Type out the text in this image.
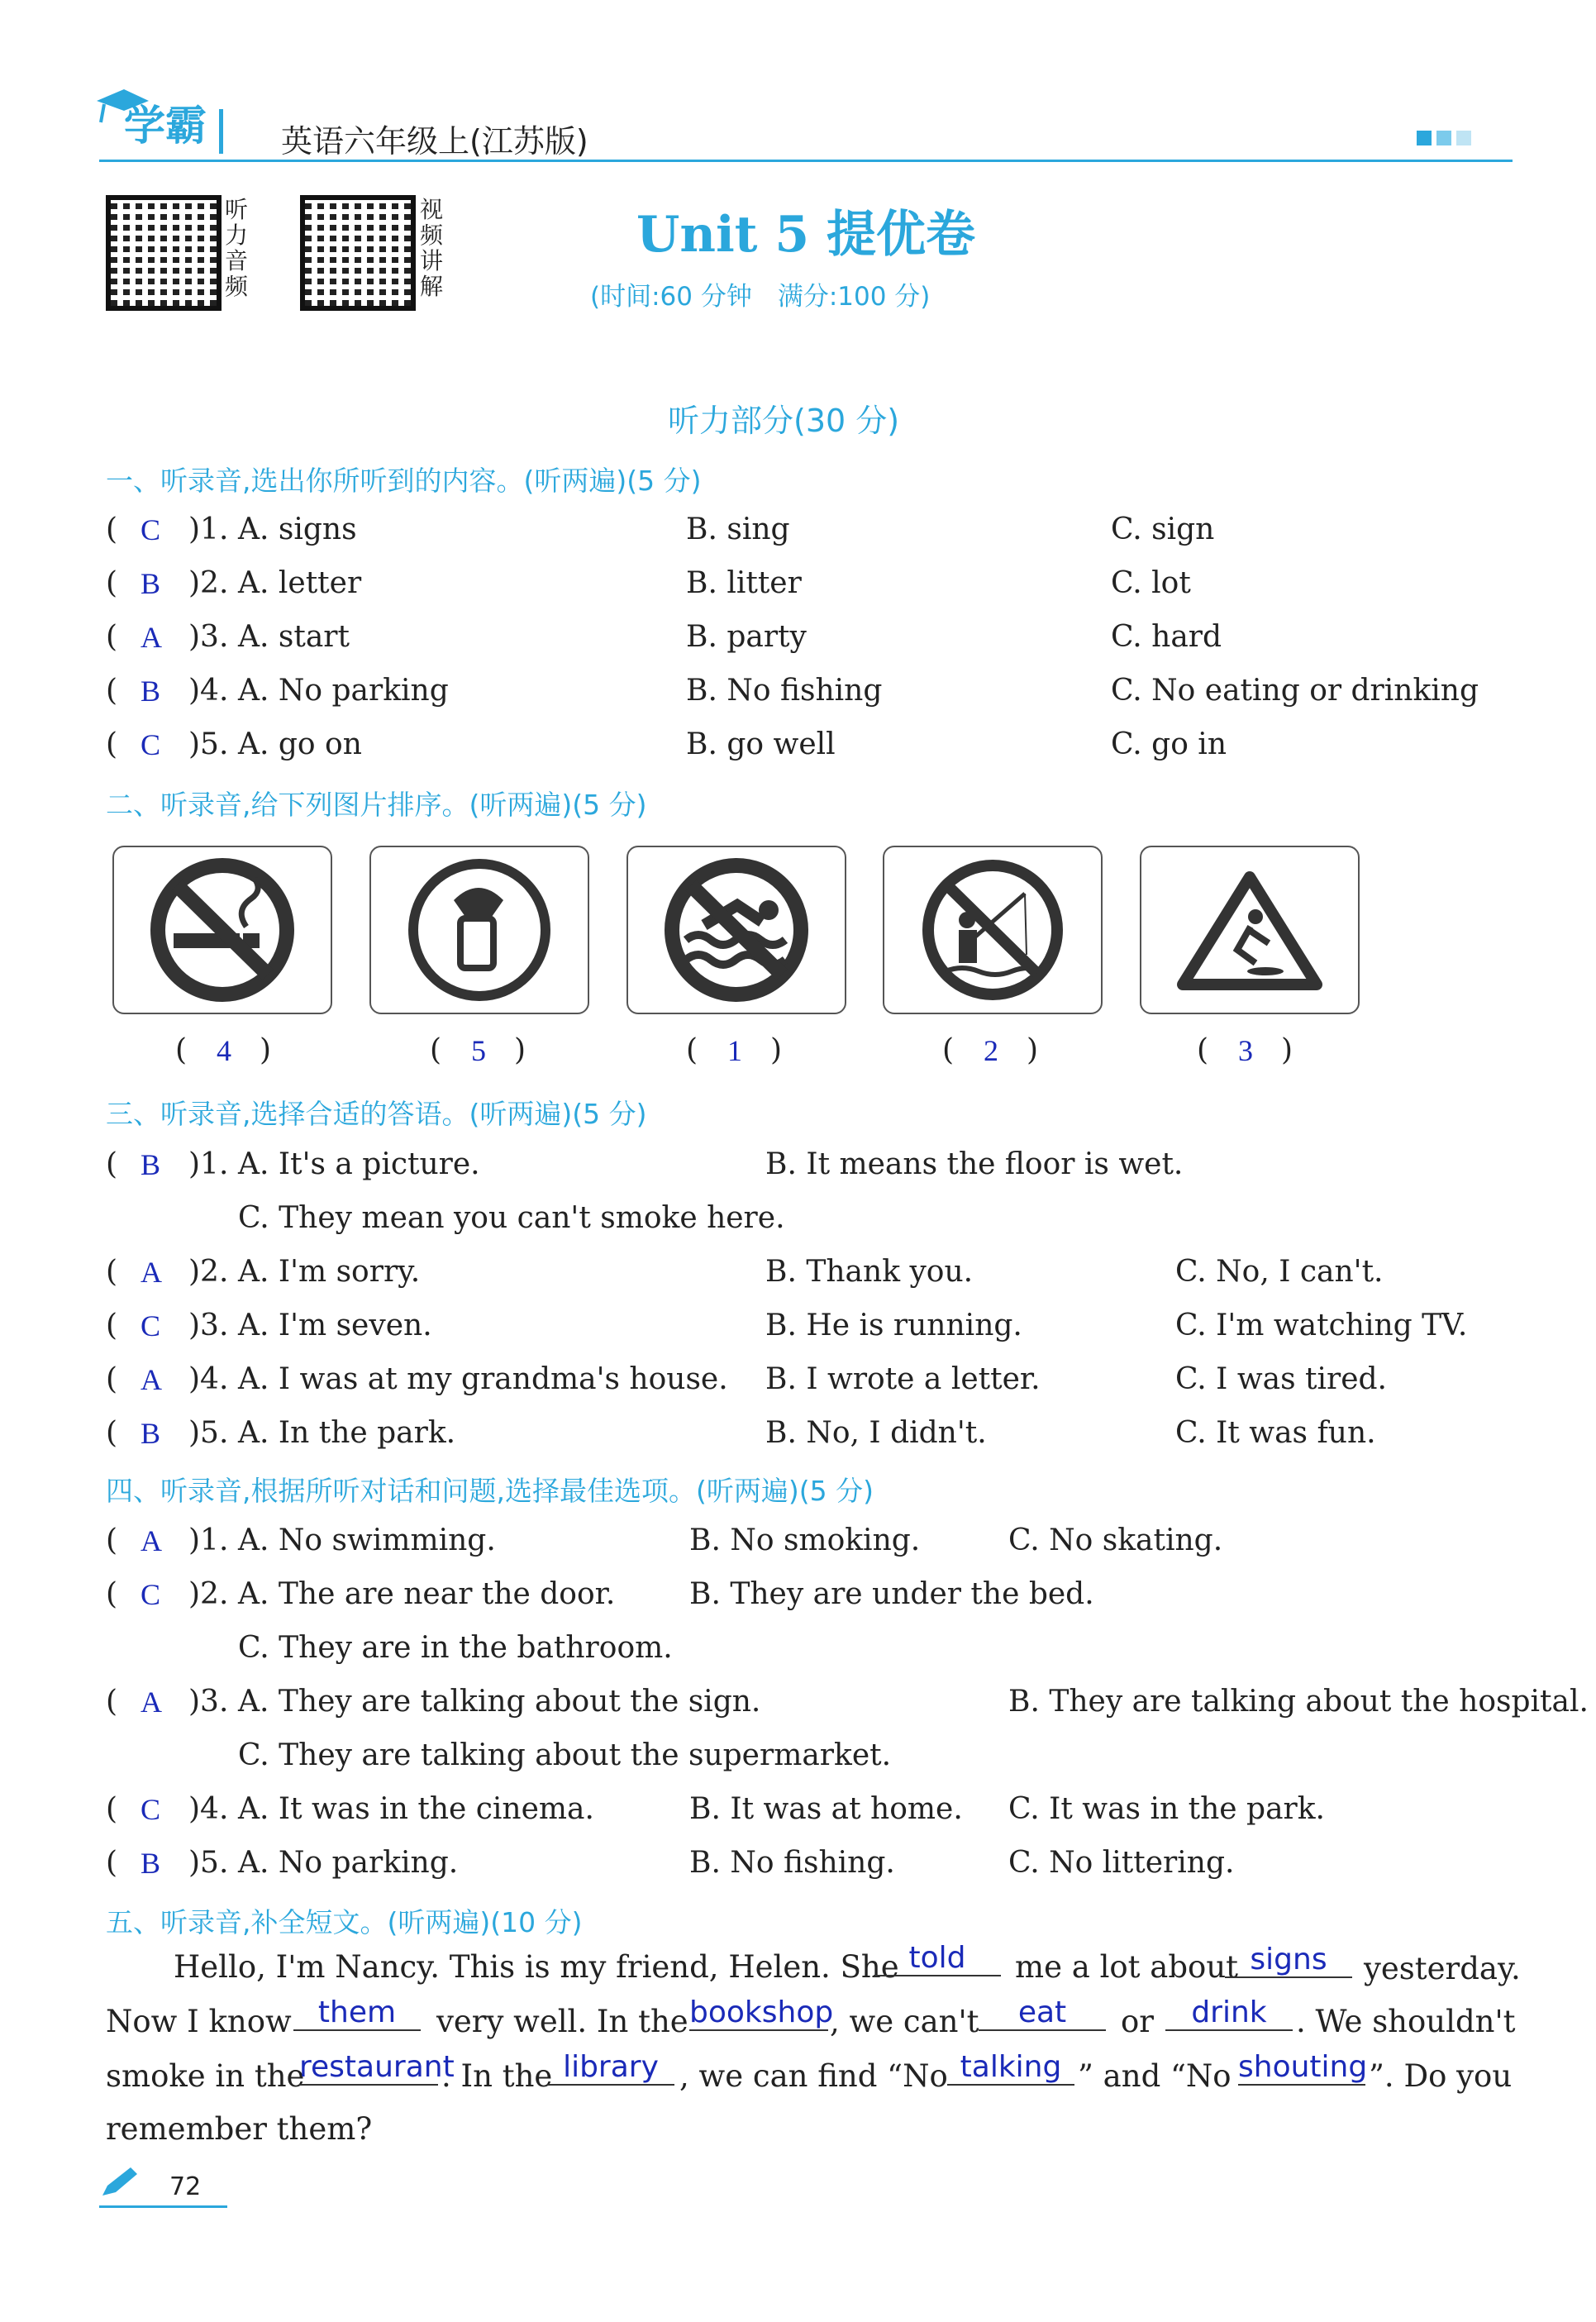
学霸 英语六年级上(江苏版)
听力音频
视频讲解
Unit 5 提优卷
(时间:60 分钟　满分:100 分)
听力部分(30 分)
一、听录音,选出你所听到的内容。(听两遍)(5 分)
二、听录音,给下列图片排序。(听两遍)(5 分)
三、听录音,选择合适的答语。(听两遍)(5 分)
四、听录音,根据所听对话和问题,选择最佳选项。(听两遍)(5 分)
五、听录音,补全短文。(听两遍)(10 分)
Hello, I'm Nancy. This is my friend, Helen. She told	me a lot about signs	yesterday.
Now I know them	very well. In the bookshop
, we can't	eat	or	drink . We shouldn't
smoke in the
restaurant
. In the library , we can find “No talking ” and “No shouting ”. Do you
remember them?
72
( C )1. A. signs	B. sing	C. sign
( B )2. A. letter	B. litter	C. lot
( A )3. A. start	B. party	C. hard
( B )4. A. No parking	B. No fishing	C. No eating or drinking
( C )5. A. go on	B. go well	C. go in
( 4 )	( 5 )	( 1 )	( 2 )	( 3 )
( B )1. A. It's a picture.	B. It means the floor is wet.
C. They mean you can't smoke here.
( A )2. A. I'm sorry.	B. Thank you.	C. No, I can't.
( C )3. A. I'm seven.	B. He is running.	C. I'm watching TV.
( A )4. A. I was at my grandma's house. B. I wrote a letter.	C. I was tired.
( B )5. A. In the park.	B. No, I didn't.	C. It was fun.
( A )1. A. No swimming.	B. No smoking.	C. No skating.
( C )2. A. The are near the door. B. They are under the bed.
C. They are in the bathroom.
( A )3. A. They are talking about the sign.	B. They are talking about the hospital.
C. They are talking about the supermarket.
( C )4. A. It was in the cinema.	B. It was at home. C. It was in the park.
( B )5. A. No parking.	B. No fishing.	C. No littering.
